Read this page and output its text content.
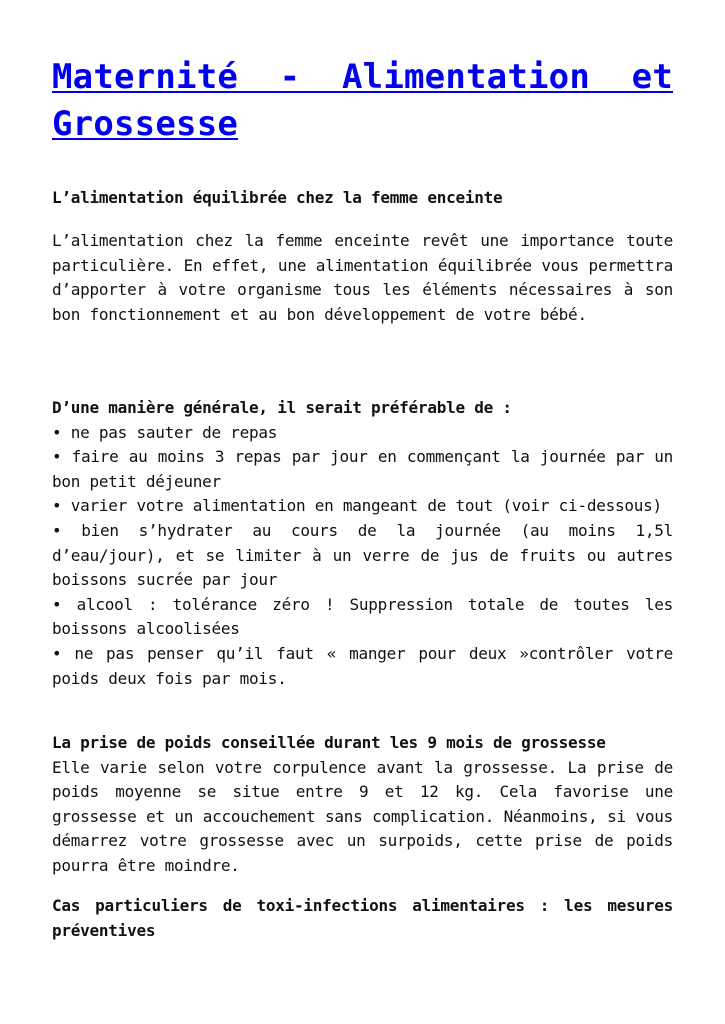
Maternité - Alimentation et Grossesse

L’alimentation équilibrée chez la femme enceinte

L’alimentation chez la femme enceinte revêt une importance toute particulière. En effet, une alimentation équilibrée vous permettra d’apporter à votre organisme tous les éléments nécessaires à son bon fonctionnement et au bon développement de votre bébé.

D’une manière générale, il serait préférable de :

• ne pas sauter de repas
• faire au moins 3 repas par jour en commençant la journée par un bon petit déjeuner
• varier votre alimentation en mangeant de tout (voir ci-dessous)
• bien s’hydrater au cours de la journée (au moins 1,5l d’eau/jour), et se limiter à un verre de jus de fruits ou autres boissons sucrée par jour
• alcool : tolérance zéro ! Suppression totale de toutes les boissons alcoolisées
• ne pas penser qu’il faut « manger pour deux »contrôler votre poids deux fois par mois.

La prise de poids conseillée durant les 9 mois de grossesse

Elle varie selon votre corpulence avant la grossesse. La prise de poids moyenne se situe entre 9 et 12 kg. Cela favorise une grossesse et un accouchement sans complication. Néanmoins, si vous démarrez votre grossesse avec un surpoids, cette prise de poids pourra être moindre.

Cas particuliers de toxi-infections alimentaires : les mesures préventives
